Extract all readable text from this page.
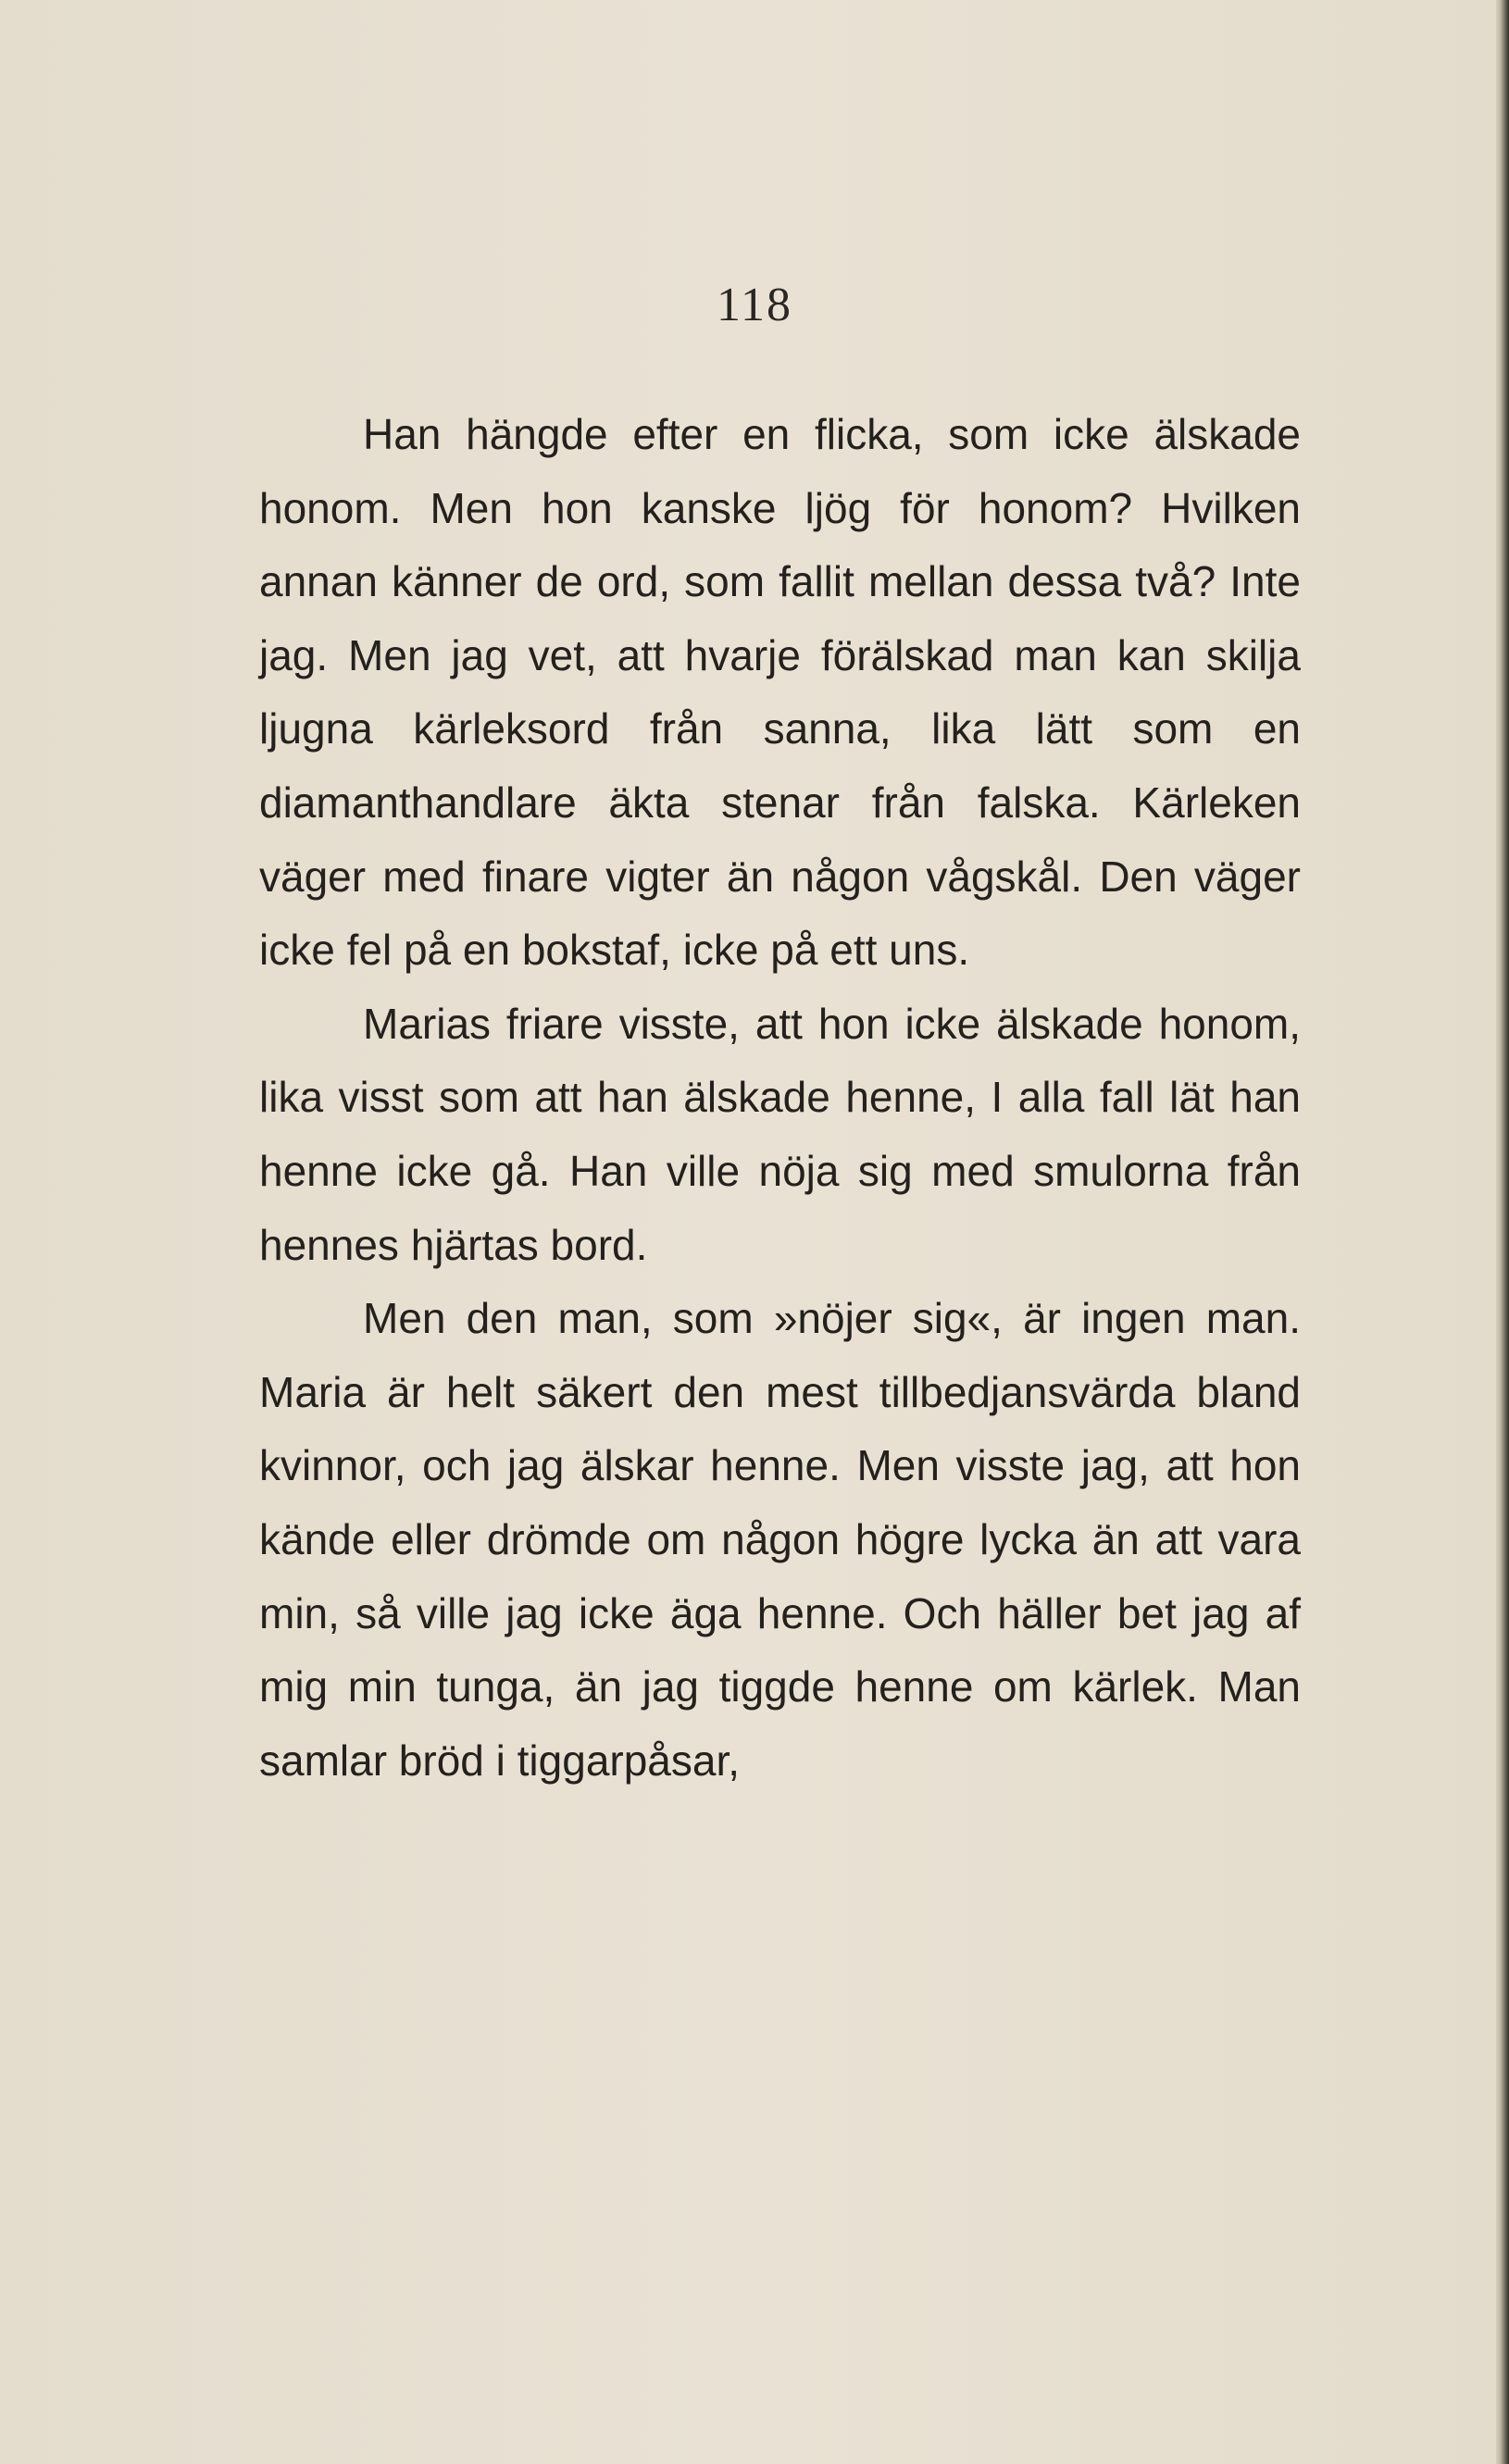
118

Han hängde efter en flicka, som icke älskade honom. Men hon kanske ljög för honom? Hvilken annan känner de ord, som fallit mellan dessa två? Inte jag. Men jag vet, att hvarje förälskad man kan skilja ljugna kärleksord från sanna, lika lätt som en diamanthandlare äkta stenar från falska. Kärleken väger med finare vigter än någon vågskål. Den väger icke fel på en bokstaf, icke på ett uns.

Marias friare visste, att hon icke älskade honom, lika visst som att han älskade henne, I alla fall lät han henne icke gå. Han ville nöja sig med smulorna från hennes hjärtas bord.

Men den man, som »nöjer sig«, är ingen man. Maria är helt säkert den mest tillbedjansvärda bland kvinnor, och jag älskar henne. Men visste jag, att hon kände eller drömde om någon högre lycka än att vara min, så ville jag icke äga henne. Och häller bet jag af mig min tunga, än jag tiggde henne om kärlek. Man samlar bröd i tiggarpåsar,
